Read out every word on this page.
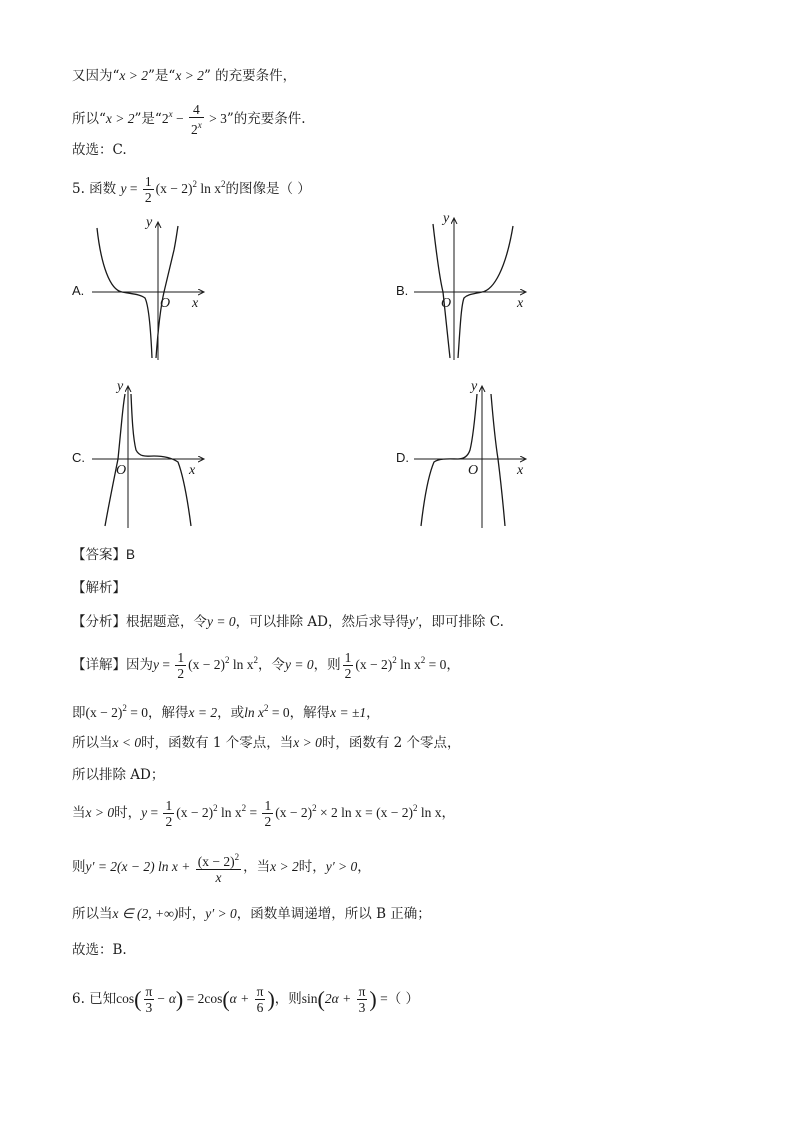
又因为“x > 2”是“x > 2” 的充要条件，
所以“x > 2”是“$2^x - \frac{4}{2^x} > 3$”的充要条件.
故选：C.
5. 函数 $y = \frac{1}{2} (x - 2)^2$ $\ln x^2$的图像是（ ）
A.	B.
C.	D.
y
O x
y
O	x
y
O	x
y
O	x
【答案】B
【解析】
【分析】根据题意，令y = 0，可以排除 AD，然后求导得y′，即可排除 C.
【详解】因为$y = \frac{1}{2} (x - 2)^2$ $\ln x^2$，令y = 0，则 $\frac{1}{2} (x - 2)^2$ $\ln x^2 = 0$，
即$(x - 2)^2 = 0$，解得x = 2，或$\ln x^2 = 0$，解得x = ±1，
所以当x < 0时，函数有 1 个零点，当x > 0时，函数有 2 个零点，
所以排除 AD；
当x > 0时，$y = \frac{1}{2} (x - 2)^2$ $\ln x^2 = \frac{1}{2} (x - 2)^2 \times 2$ $\ln x = (x - 2)^2$ ln x，
则y′ = 2(x − 2) $\ln x + \frac{(x - 2)^2}{x}$ ，当x > 2时，y′ > 0，
所以当x ∈ (2, +∞)时，y′ > 0，函数单调递增，所以 B 正确；
故选：B.
6. 已知$\cos( \frac{\pi}{3} - \alpha) = 2\cos(\alpha + \frac{\pi}{6}$ )，则$\sin(2\alpha + \frac{\pi}{3}$ ) =（ ）
